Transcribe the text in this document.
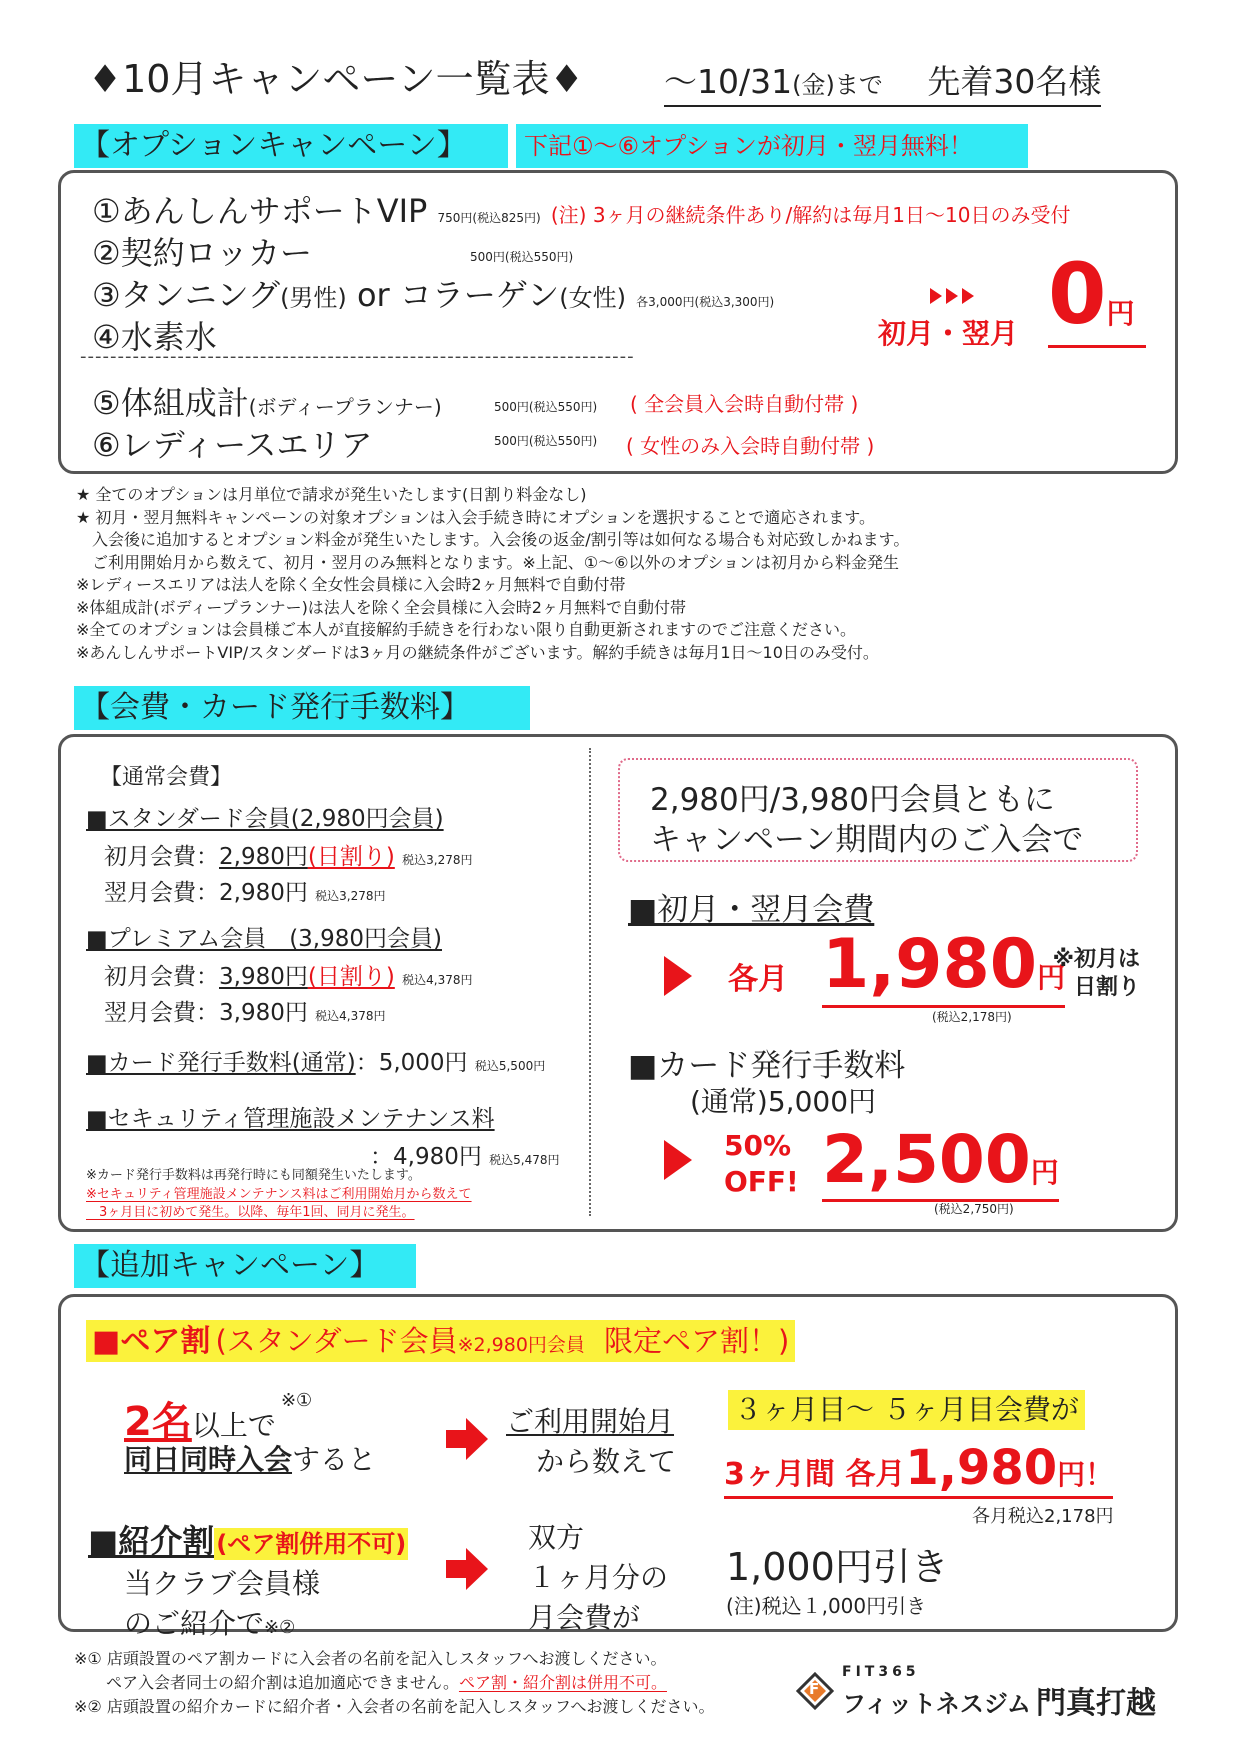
♦10月キャンペーン一覧表♦ 〜10/31(金)まで 先着30名様
【オプションキャンペーン】	下記①〜⑥オプションが初月・翌月無料！
①あんしんサポートVIP 750円(税込825円) (注) 3ヶ月の継続条件あり/解約は毎月1日〜10日のみ受付
②契約ロッカー	500円(税込550円)
③タンニング(男性) or コラーゲン(女性) 各3,000円(税込3,300円)
④水素水	初月・翌月 0円
--------------------------------------------------------------------------
⑤体組成計(ボディープランナー)	500円(税込550円) ( 全会員入会時自動付帯 )
⑥レディースエリア	500円(税込550円) ( 女性のみ入会時自動付帯 )
★ 全てのオプションは月単位で請求が発生いたします(日割り料金なし)
★ 初月・翌月無料キャンペーンの対象オプションは入会手続き時にオプションを選択することで適応されます。
　入会後に追加するとオプション料金が発生いたします。入会後の返金/割引等は如何なる場合も対応致しかねます。
　ご利用開始月から数えて、初月・翌月のみ無料となります。※上記、①〜⑥以外のオプションは初月から料金発生
※レディースエリアは法人を除く全女性会員様に入会時2ヶ月無料で自動付帯
※体組成計(ボディープランナー)は法人を除く全会員様に入会時2ヶ月無料で自動付帯
※全てのオプションは会員様ご本人が直接解約手続きを行わない限り自動更新されますのでご注意ください。
※あんしんサポートVIP/スタンダードは3ヶ月の継続条件がございます。解約手続きは毎月1日〜10日のみ受付。
【会費・カード発行手数料】
【通常会費】
■スタンダード会員(2,980円会員)
初月会費：2,980円(日割り) 税込3,278円
翌月会費：2,980円 税込3,278円
■プレミアム会員　(3,980円会員)
初月会費：3,980円(日割り) 税込4,378円
翌月会費：3,980円 税込4,378円
■カード発行手数料(通常)：5,000円 税込5,500円
■セキュリティ管理施設メンテナンス料
：4,980円 税込5,478円
※カード発行手数料は再発行時にも同額発生いたします。
※セキュリティ管理施設メンテナンス料はご利用開始月から数えて
　3ヶ月目に初めて発生。以降、毎年1回、同月に発生。
2,980円/3,980円会員ともに
キャンペーン期間内のご入会で
■初月・翌月会費
各月 1,980円
(税込2,178円)
※初月は
日割り
■カード発行手数料
(通常)5,000円
50%
OFF! 2,500円
(税込2,750円)
【追加キャンペーン】
■ペア割 (スタンダード会員※2,980円会員　限定ペア割！)
2名以上で ※①
同日同時入会すると
ご利用開始月
から数えて
３ヶ月目〜 ５ヶ月目会費が
3ヶ月間 各月1,980円！
各月税込2,178円
■紹介割(ペア割併用不可)
当クラブ会員様
のご紹介で※②
双方
１ヶ月分の
月会費が
1,000円引き
(注)税込１,000円引き
※① 店頭設置のペア割カードに入会者の名前を記入しスタッフへお渡しください。
　　ペア入会者同士の紹介割は追加適応できません。ペア割・紹介割は併用不可。
※② 店頭設置の紹介カードに紹介者・入会者の名前を記入しスタッフへお渡しください。
F
FIT365
フィットネスジム 門真打越
